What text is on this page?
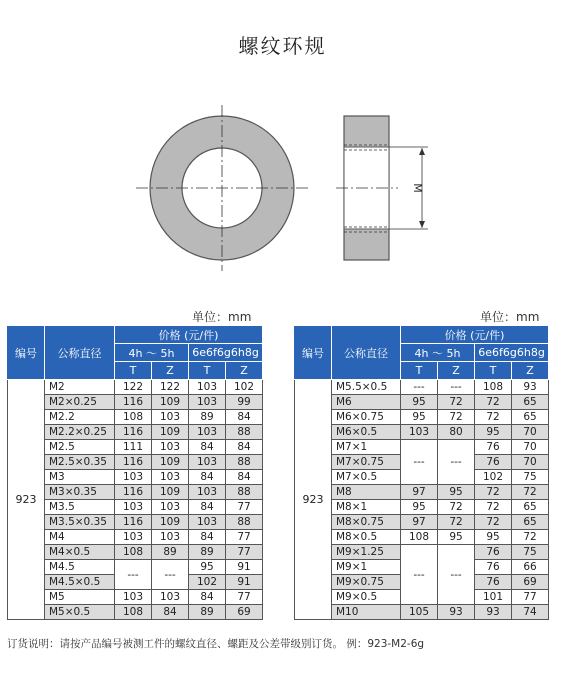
螺纹环规
M
单位：mm	单位：mm
编号	公称直径	价格 (元/件)			
		4h ～ 5h		6e6f6g6h8g	
		T	Z	T	Z
923	M2	122	122	103	102
	M2×0.25	116	109	103	99
	M2.2	108	103	89	84
	M2.2×0.25	116	109	103	88
	M2.5	111	103	84	84
	M2.5×0.35	116	109	103	88
	M3	103	103	84	84
	M3×0.35	116	109	103	88
	M3.5	103	103	84	77
	M3.5×0.35	116	109	103	88
	M4	103	103	84	77
	M4×0.5	108	89	89	77
	M4.5	---	---	95	91
	M4.5×0.5			102	91
	M5	103	103	84	77
	M5×0.5	108	84	89	69
编号	公称直径	价格 (元/件)			
		4h ～ 5h		6e6f6g6h8g	
		T	Z	T	Z
923	M5.5×0.5	---	---	108	93
	M6	95	72	72	65
	M6×0.75	95	72	72	65
	M6×0.5	103	80	95	70
	M7×1	---	---	76	70
	M7×0.75			76	70
	M7×0.5			102	75
	M8	97	95	72	72
	M8×1	95	72	72	65
	M8×0.75	97	72	72	65
	M8×0.5	108	95	95	72
	M9×1.25	---	---	76	75
	M9×1			76	66
	M9×0.75			76	69
	M9×0.5			101	77
	M10	105	93	93	74
订货说明：请按产品编号被测工件的螺纹直径、螺距及公差带级别订货。 例：923-M2-6g
